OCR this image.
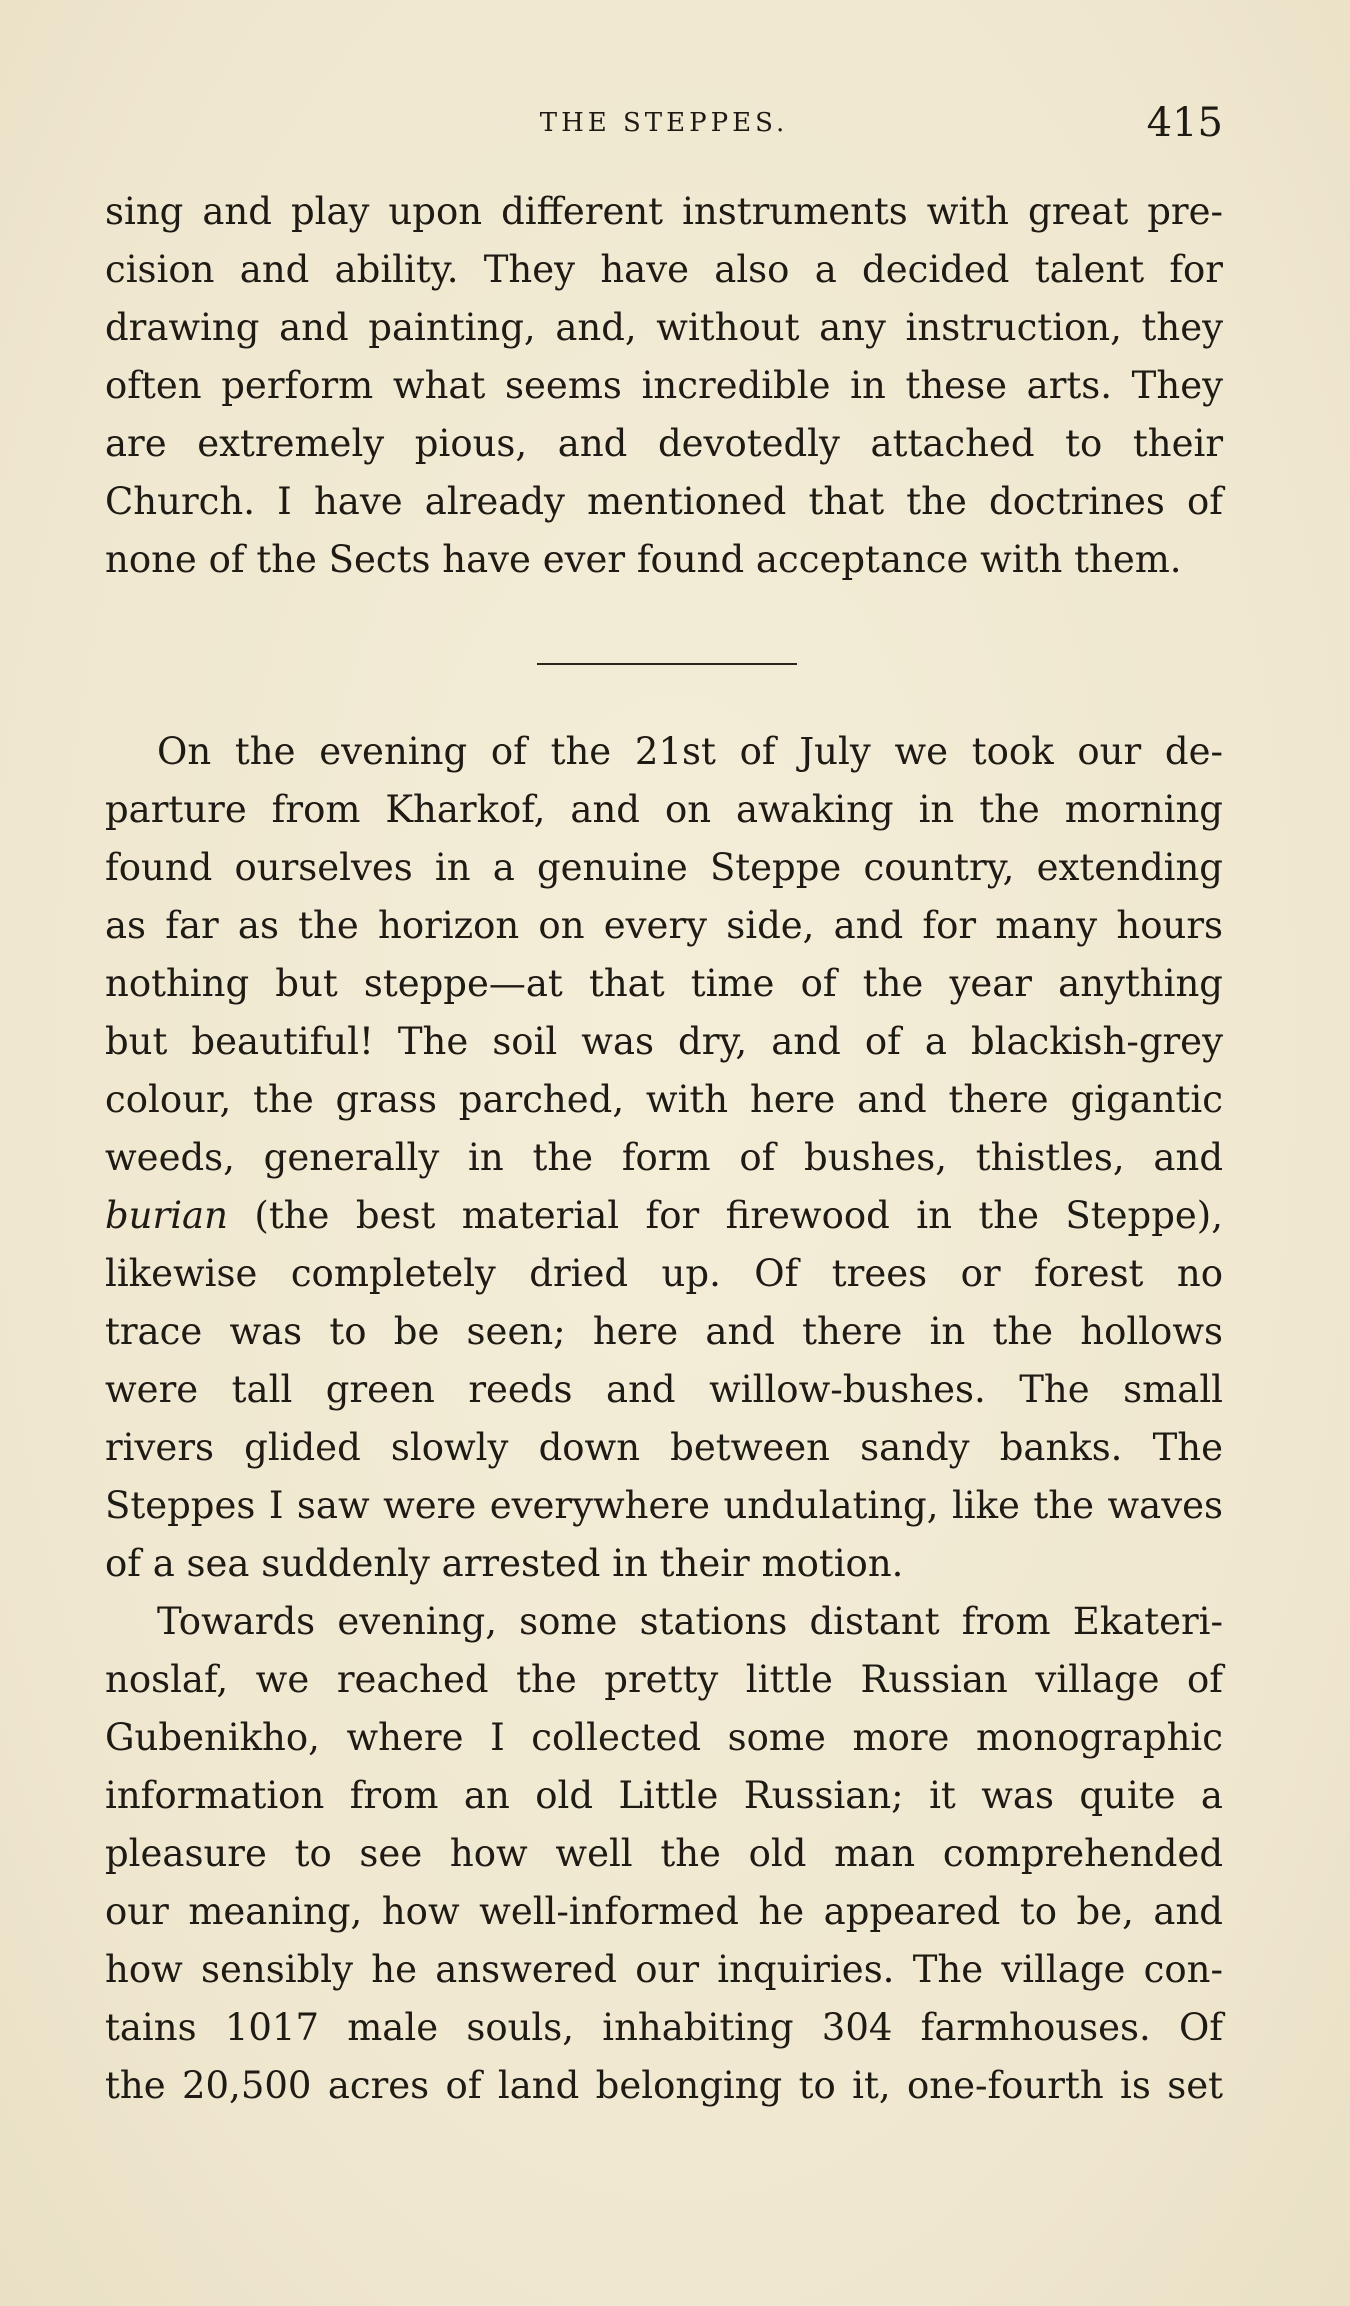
THE STEPPES.	415
sing and play upon different instruments with great pre-
cision and ability. They have also a decided talent for
drawing and painting, and, without any instruction, they
often perform what seems incredible in these arts. They
are extremely pious, and devotedly attached to their
Church. I have already mentioned that the doctrines of
none of the Sects have ever found acceptance with them.
On the evening of the 21st of July we took our de-
parture from Kharkof, and on awaking in the morning
found ourselves in a genuine Steppe country, extending
as far as the horizon on every side, and for many hours
nothing but steppe—at that time of the year anything
but beautiful! The soil was dry, and of a blackish-grey
colour, the grass parched, with here and there gigantic
weeds, generally in the form of bushes, thistles, and
burian (the best material for firewood in the Steppe),
likewise completely dried up. Of trees or forest no
trace was to be seen; here and there in the hollows
were tall green reeds and willow-bushes. The small
rivers glided slowly down between sandy banks. The
Steppes I saw were everywhere undulating, like the waves
of a sea suddenly arrested in their motion.
Towards evening, some stations distant from Ekateri-
noslaf, we reached the pretty little Russian village of
Gubenikho, where I collected some more monographic
information from an old Little Russian; it was quite a
pleasure to see how well the old man comprehended
our meaning, how well-informed he appeared to be, and
how sensibly he answered our inquiries. The village con-
tains 1017 male souls, inhabiting 304 farmhouses. Of
the 20,500 acres of land belonging to it, one-fourth is set
